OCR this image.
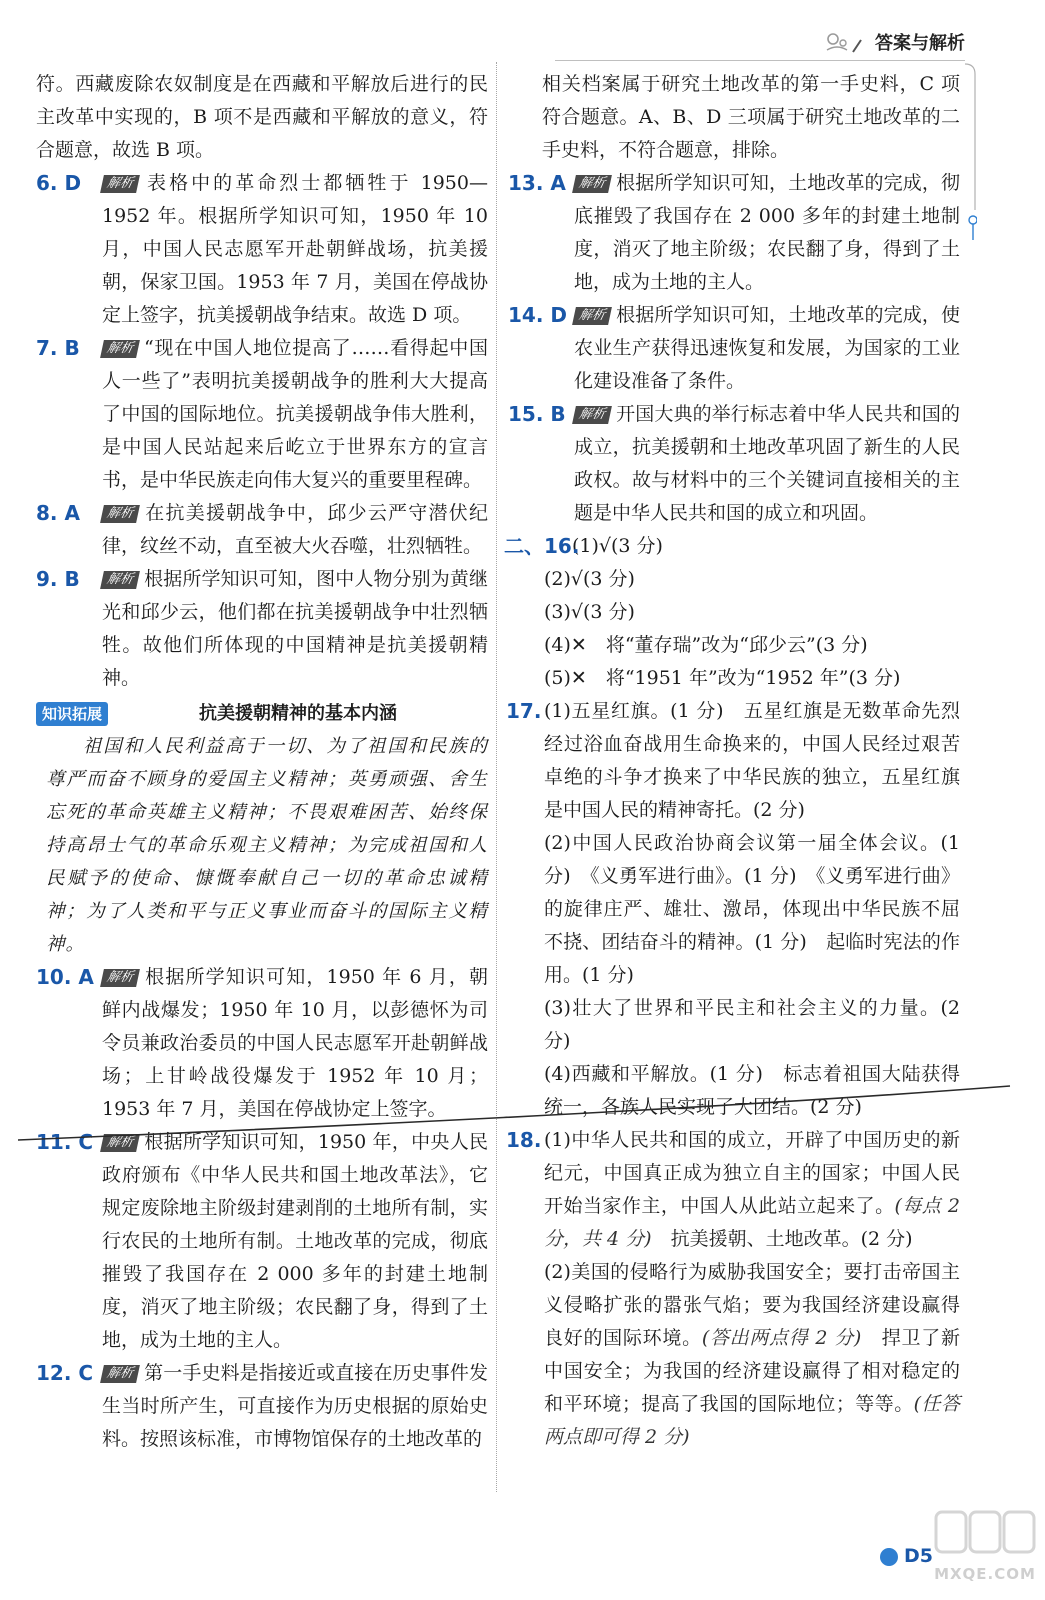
答案与解析

符。西藏废除农奴制度是在西藏和平解放后进行的民主改革中实现的，B 项不是西藏和平解放的意义，符合题意，故选 B 项。

6. D	解析 表格中的革命烈士都牺牲于 1950—1952 年。根据所学知识可知，1950 年 10 月，中国人民志愿军开赴朝鲜战场，抗美援朝，保家卫国。1953 年 7 月，美国在停战协定上签字，抗美援朝战争结束。故选 D 项。
7. B	解析 “现在中国人地位提高了……看得起中国人一些了”表明抗美援朝战争的胜利大大提高了中国的国际地位。抗美援朝战争伟大胜利，是中国人民站起来后屹立于世界东方的宣言书，是中华民族走向伟大复兴的重要里程碑。
8. A	解析 在抗美援朝战争中，邱少云严守潜伏纪律，纹丝不动，直至被大火吞噬，壮烈牺牲。
9. B	解析 根据所学知识可知，图中人物分别为黄继光和邱少云，他们都在抗美援朝战争中壮烈牺牲。故他们所体现的中国精神是抗美援朝精神。
知识拓展	抗美援朝精神的基本内涵

祖国和人民利益高于一切、为了祖国和民族的尊严而奋不顾身的爱国主义精神；英勇顽强、舍生忘死的革命英雄主义精神；不畏艰难困苦、始终保持高昂士气的革命乐观主义精神；为完成祖国和人民赋予的使命、慷慨奉献自己一切的革命忠诚精神；为了人类和平与正义事业而奋斗的国际主义精神。

10. A 解析 根据所学知识可知，1950 年 6 月，朝鲜内战爆发；1950 年 10 月，以彭德怀为司令员兼政治委员的中国人民志愿军开赴朝鲜战场；上甘岭战役爆发于 1952 年 10 月；1953 年 7 月，美国在停战协定上签字。
11. C 解析 根据所学知识可知，1950 年，中央人民政府颁布《中华人民共和国土地改革法》，它规定废除地主阶级封建剥削的土地所有制，实行农民的土地所有制。土地改革的完成，彻底摧毁了我国存在 2 000 多年的封建土地制度，消灭了地主阶级；农民翻了身，得到了土地，成为土地的主人。
12. C 解析 第一手史料是指接近或直接在历史事件发生当时所产生，可直接作为历史根据的原始史料。按照该标准，市博物馆保存的土地改革的

相关档案属于研究土地改革的第一手史料，C 项符合题意。A、B、D 三项属于研究土地改革的二手史料，不符合题意，排除。

13. A 解析 根据所学知识可知，土地改革的完成，彻底摧毁了我国存在 2 000 多年的封建土地制度，消灭了地主阶级；农民翻了身，得到了土地，成为土地的主人。
14. D 解析 根据所学知识可知，土地改革的完成，使农业生产获得迅速恢复和发展，为国家的工业化建设准备了条件。
15. B 解析 开国大典的举行标志着中华人民共和国的成立，抗美援朝和土地改革巩固了新生的人民政权。故与材料中的三个关键词直接相关的主题是中华人民共和国的成立和巩固。
二、16.
(1)√(3 分)
(2)√(3 分)
(3)√(3 分)
(4)✕　将“董存瑞”改为“邱少云”(3 分)
(5)✕　将“1951 年”改为“1952 年”(3 分)
17. (1)五星红旗。(1 分)　五星红旗是无数革命先烈经过浴血奋战用生命换来的，中国人民经过艰苦卓绝的斗争才换来了中华民族的独立，五星红旗是中国人民的精神寄托。(2 分)

(2)中国人民政治协商会议第一届全体会议。(1 分)　《义勇军进行曲》。(1 分)　《义勇军进行曲》的旋律庄严、雄壮、激昂，体现出中华民族不屈不挠、团结奋斗的精神。(1 分)　起临时宪法的作用。(1 分)

(3)壮大了世界和平民主和社会主义的力量。(2 分)

(4)西藏和平解放。(1 分)　标志着祖国大陆获得统一，各族人民实现了大团结。(2 分)

18. (1)中华人民共和国的成立，开辟了中国历史的新纪元，中国真正成为独立自主的国家；中国人民开始当家作主，中国人从此站立起来了。(每点 2 分，共 4 分)　抗美援朝、土地改革。(2 分)

(2)美国的侵略行为威胁我国安全；要打击帝国主义侵略扩张的嚣张气焰；要为我国经济建设赢得良好的国际环境。(答出两点得 2 分)　捍卫了新中国安全；为我国的经济建设赢得了相对稳定的和平环境；提高了我国的国际地位；等等。(任答两点即可得 2 分)

D5
MXQE.COM
